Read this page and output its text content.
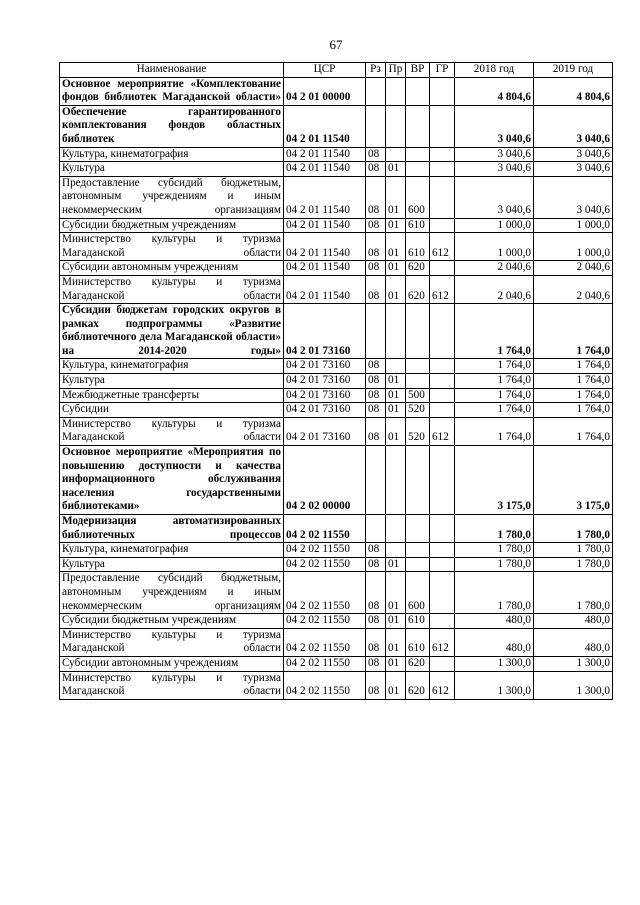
67
Наименование	ЦСР	Рз	Пр	ВР	ГР	2018 год	2019 год
Основное мероприятие «Комплектование фондов библиотек Магаданской области»	04 2 01 00000					4 804,6	4 804,6
Обеспечение гарантированного комплектования фондов областных библиотек	04 2 01 11540					3 040,6	3 040,6
Культура, кинематография	04 2 01 11540	08				3 040,6	3 040,6
Культура	04 2 01 11540	08	01			3 040,6	3 040,6
Предоставление субсидий бюджетным, автономным учреждениям и иным некоммерческим организациям	04 2 01 11540	08	01	600		3 040,6	3 040,6
Субсидии бюджетным учреждениям	04 2 01 11540	08	01	610		1 000,0	1 000,0
Министерство культуры и туризма Магаданской области	04 2 01 11540	08	01	610	612	1 000,0	1 000,0
Субсидии автономным учреждениям	04 2 01 11540	08	01	620		2 040,6	2 040,6
Министерство культуры и туризма Магаданской области	04 2 01 11540	08	01	620	612	2 040,6	2 040,6
Субсидии бюджетам городских округов в рамках подпрограммы «Развитие библиотечного дела Магаданской области» на 2014-2020 годы»	04 2 01 73160					1 764,0	1 764,0
Культура, кинематография	04 2 01 73160	08				1 764,0	1 764,0
Культура	04 2 01 73160	08	01			1 764,0	1 764,0
Межбюджетные трансферты	04 2 01 73160	08	01	500		1 764,0	1 764,0
Субсидии	04 2 01 73160	08	01	520		1 764,0	1 764,0
Министерство культуры и туризма Магаданской области	04 2 01 73160	08	01	520	612	1 764,0	1 764,0
Основное мероприятие «Мероприятия по повышению доступности и качества информационного обслуживания населения государственными библиотеками»	04 2 02 00000					3 175,0	3 175,0
Модернизация автоматизированных библиотечных процессов	04 2 02 11550					1 780,0	1 780,0
Культура, кинематография	04 2 02 11550	08				1 780,0	1 780,0
Культура	04 2 02 11550	08	01			1 780,0	1 780,0
Предоставление субсидий бюджетным, автономным учреждениям и иным некоммерческим организациям	04 2 02 11550	08	01	600		1 780,0	1 780,0
Субсидии бюджетным учреждениям	04 2 02 11550	08	01	610		480,0	480,0
Министерство культуры и туризма Магаданской области	04 2 02 11550	08	01	610	612	480,0	480,0
Субсидии автономным учреждениям	04 2 02 11550	08	01	620		1 300,0	1 300,0
Министерство культуры и туризма Магаданской области	04 2 02 11550	08	01	620	612	1 300,0	1 300,0
